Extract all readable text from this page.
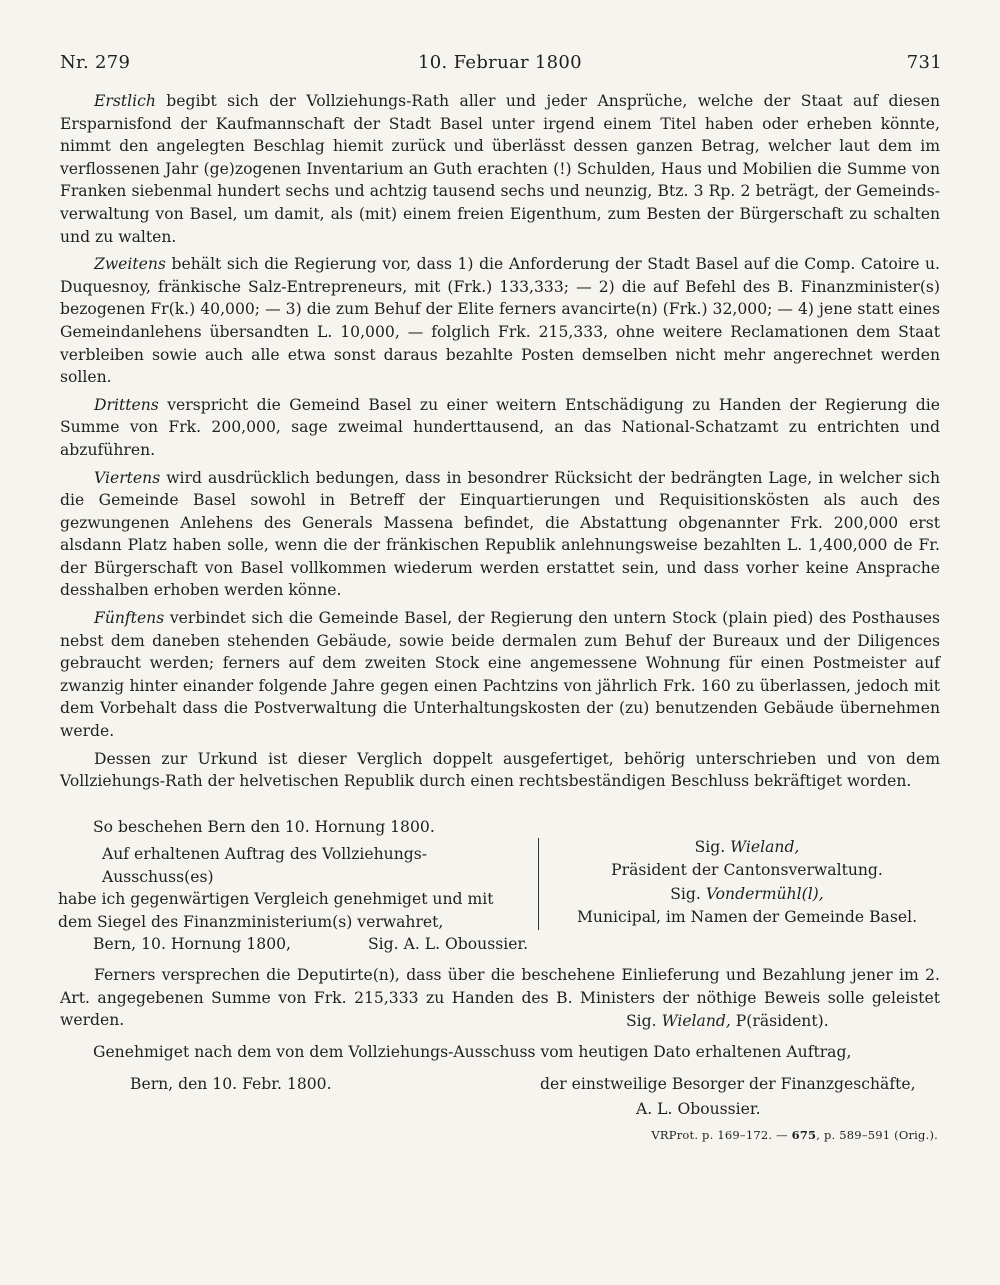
Nr. 279	10. Februar 1800	731

Erstlich begibt sich der Vollziehungs-Rath aller und jeder Ansprüche, welche der Staat auf diesen Ersparnisfond der Kaufmannschaft der Stadt Basel unter irgend einem Titel haben oder erheben könnte, nimmt den angelegten Beschlag hiemit zurück und überlässt dessen ganzen Betrag, welcher laut dem im verflossenen Jahr (ge)zogenen Inventarium an Guth erachten (!) Schulden, Haus und Mobilien die Summe von Franken siebenmal hundert sechs und achtzig tausend sechs und neunzig, Btz. 3 Rp. 2 beträgt, der Gemeinds-verwaltung von Basel, um damit, als (mit) einem freien Eigenthum, zum Besten der Bürgerschaft zu schalten und zu walten.

Zweitens behält sich die Regierung vor, dass 1) die Anforderung der Stadt Basel auf die Comp. Catoire u. Duquesnoy, fränkische Salz-Entrepreneurs, mit (Frk.) 133,333; — 2) die auf Befehl des B. Finanzminister(s) bezogenen Fr(k.) 40,000; — 3) die zum Behuf der Elite ferners avancirte(n) (Frk.) 32,000; — 4) jene statt eines Gemeindanlehens übersandten L. 10,000, — folglich Frk. 215,333, ohne weitere Reclamationen dem Staat verbleiben sowie auch alle etwa sonst daraus bezahlte Posten demselben nicht mehr angerechnet werden sollen.

Drittens verspricht die Gemeind Basel zu einer weitern Entschädigung zu Handen der Regierung die Summe von Frk. 200,000, sage zweimal hunderttausend, an das National-Schatzamt zu entrichten und abzuführen.

Viertens wird ausdrücklich bedungen, dass in besondrer Rücksicht der bedrängten Lage, in welcher sich die Gemeinde Basel sowohl in Betreff der Einquartierungen und Requisitionskösten als auch des gezwungenen Anlehens des Generals Massena befindet, die Abstattung obgenannter Frk. 200,000 erst alsdann Platz haben solle, wenn die der fränkischen Republik anlehnungsweise bezahlten L. 1,400,000 de Fr. der Bürgerschaft von Basel vollkommen wiederum werden erstattet sein, und dass vorher keine Ansprache desshalben erhoben werden könne.

Fünftens verbindet sich die Gemeinde Basel, der Regierung den untern Stock (plain pied) des Posthauses nebst dem daneben stehenden Gebäude, sowie beide dermalen zum Behuf der Bureaux und der Diligences gebraucht werden; ferners auf dem zweiten Stock eine angemessene Wohnung für einen Postmeister auf zwanzig hinter einander folgende Jahre gegen einen Pachtzins von jährlich Frk. 160 zu überlassen, jedoch mit dem Vorbehalt dass die Postverwaltung die Unterhaltungskosten der (zu) benutzenden Gebäude übernehmen werde.

Dessen zur Urkund ist dieser Verglich doppelt ausgefertiget, behörig unterschrieben und von dem Vollziehungs-Rath der helvetischen Republik durch einen rechtsbeständigen Beschluss bekräftiget worden.

So beschehen Bern den 10. Hornung 1800.
Auf erhaltenen Auftrag des Vollziehungs-Ausschuss(es)
habe ich gegenwärtigen Vergleich genehmiget und mit
dem Siegel des Finanzministerium(s) verwahret,
Sig. Wieland,
Präsident der Cantonsverwaltung.
Sig. Vondermühl(l),
Municipal, im Namen der Gemeinde Basel.
Bern, 10. Hornung 1800,	Sig. A. L. Oboussier.

Ferners versprechen die Deputirte(n), dass über die beschehene Einlieferung und Bezahlung jener im 2. Art. angegebenen Summe von Frk. 215,333 zu Handen des B. Ministers der nöthige Beweis solle geleistet werden.	Sig. Wieland, P(räsident).
Genehmiget nach dem von dem Vollziehungs-Ausschuss vom heutigen Dato erhaltenen Auftrag,
Bern, den 10. Febr. 1800.	der einstweilige Besorger der Finanzgeschäfte,
A. L. Oboussier.
VRProt. p. 169–172. — 675, p. 589–591 (Orig.).
